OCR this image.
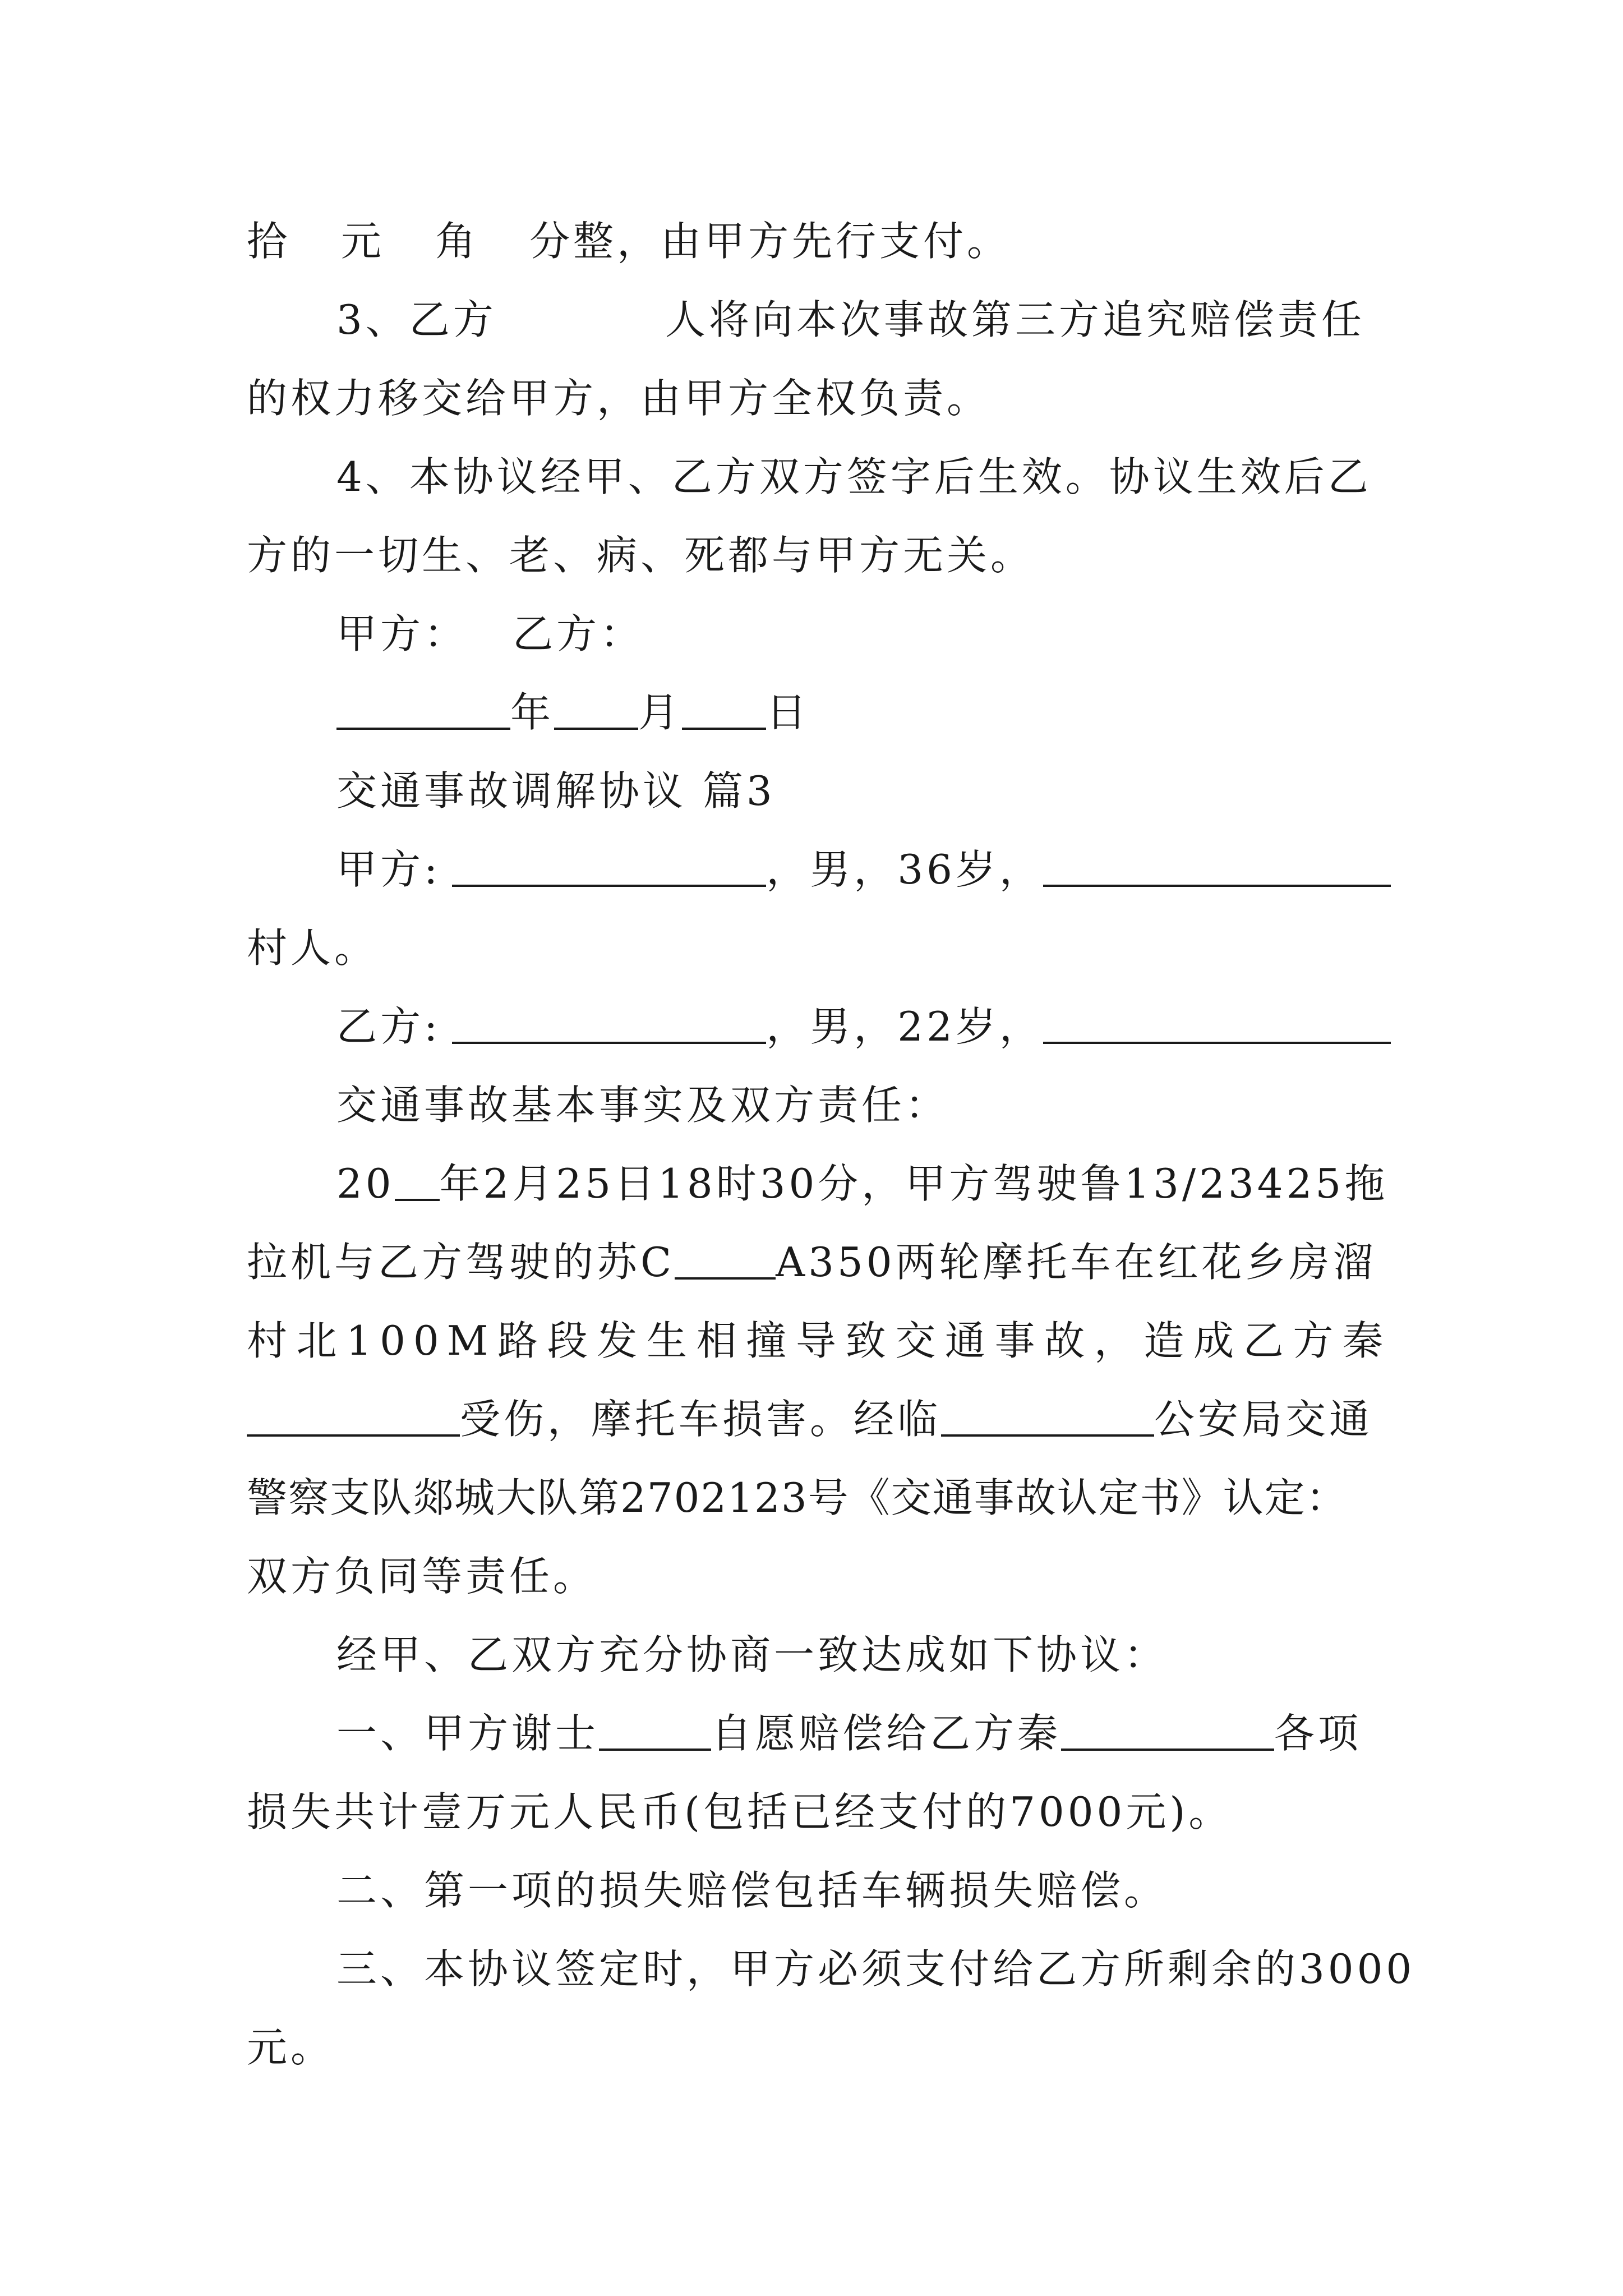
拾 元 角 分整，由甲方先行支付。
3、乙方	人将向本次事故第三方追究赔偿责任
的权力移交给甲方，由甲方全权负责。
4、本协议经甲、乙方双方签字后生效。协议生效后乙
方的一切生、老、病、死都与甲方无关。
甲方： 乙方：
年 月 日
交通事故调解协议 篇3
甲方:	，男，36岁，
村人。
乙方:	，男，22岁，
交通事故基本事实及双方责任：
20 年2月25日18时30分，甲方驾驶鲁13/23425拖
拉机与乙方驾驶的苏C	A350两轮摩托车在红花乡房溜
村北100M路段发生相撞导致交通事故，造成乙方秦
受伤，摩托车损害。经临	公安局交通
警察支队郯城大队第2702123号《交通事故认定书》认定：
双方负同等责任。
经甲、乙双方充分协商一致达成如下协议：
一、甲方谢士	自愿赔偿给乙方秦	各项
损失共计壹万元人民币(包括已经支付的7000元)。
二、第一项的损失赔偿包括车辆损失赔偿。
三、本协议签定时，甲方必须支付给乙方所剩余的3000
元。
